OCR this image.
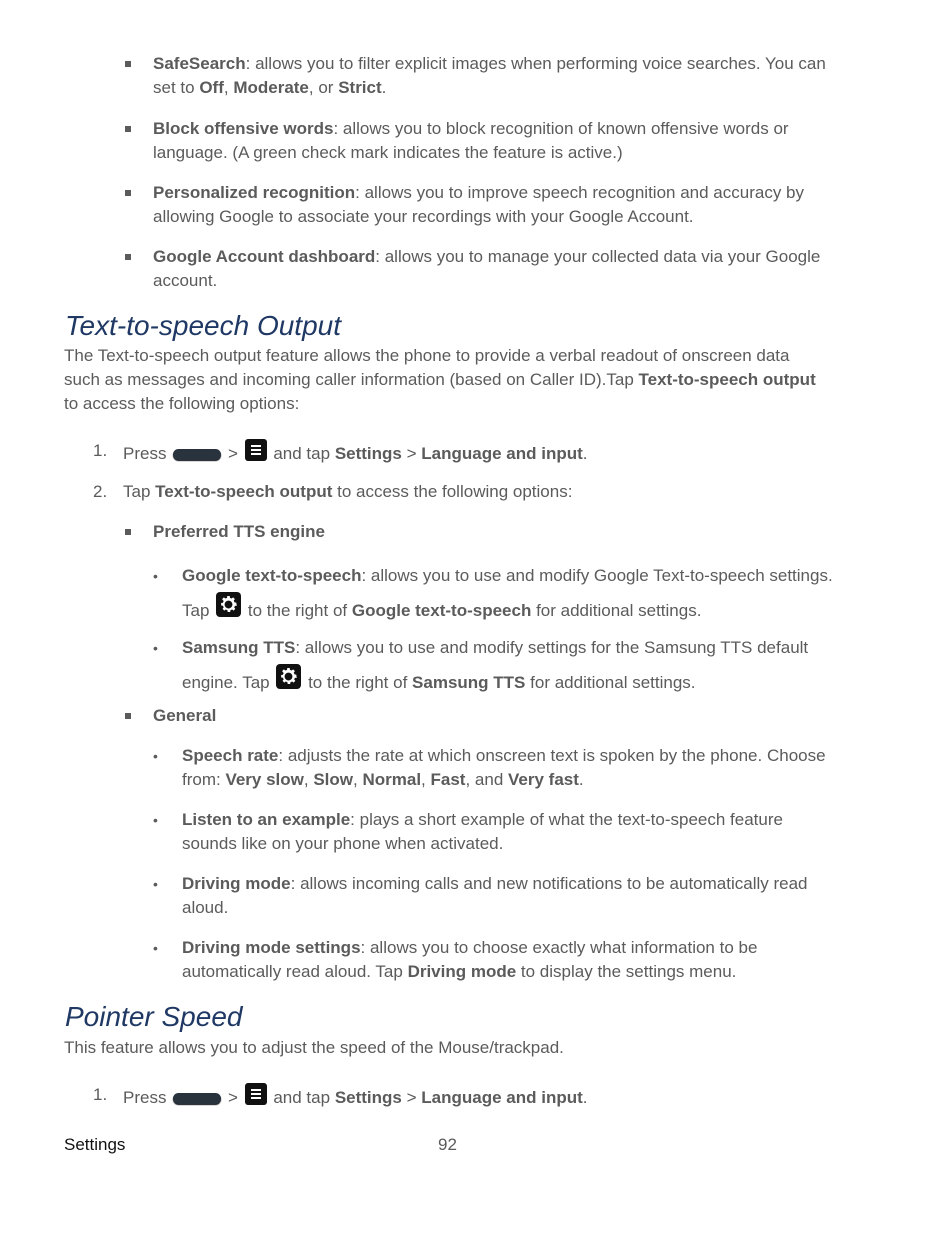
SafeSearch: allows you to filter explicit images when performing voice searches. You can set to Off, Moderate, or Strict.
Block offensive words: allows you to block recognition of known offensive words or language. (A green check mark indicates the feature is active.)
Personalized recognition: allows you to improve speech recognition and accuracy by allowing Google to associate your recordings with your Google Account.
Google Account dashboard: allows you to manage your collected data via your Google account.
Text-to-speech Output
The Text-to-speech output feature allows the phone to provide a verbal readout of onscreen data such as messages and incoming caller information (based on Caller ID).Tap Text-to-speech output to access the following options:
1. Press	> and tap Settings > Language and input.
2. Tap Text-to-speech output to access the following options:
Preferred TTS engine
• Google text-to-speech: allows you to use and modify Google Text-to-speech settings. Tap to the right of Google text-to-speech for additional settings.
• Samsung TTS: allows you to use and modify settings for the Samsung TTS default engine. Tap to the right of Samsung TTS for additional settings.
General
• Speech rate: adjusts the rate at which onscreen text is spoken by the phone. Choose from: Very slow, Slow, Normal, Fast, and Very fast.
• Listen to an example: plays a short example of what the text-to-speech feature sounds like on your phone when activated.
• Driving mode: allows incoming calls and new notifications to be automatically read aloud.
• Driving mode settings: allows you to choose exactly what information to be automatically read aloud. Tap Driving mode to display the settings menu.
Pointer Speed
This feature allows you to adjust the speed of the Mouse/trackpad.
1. Press	> and tap Settings > Language and input.
Settings	92
